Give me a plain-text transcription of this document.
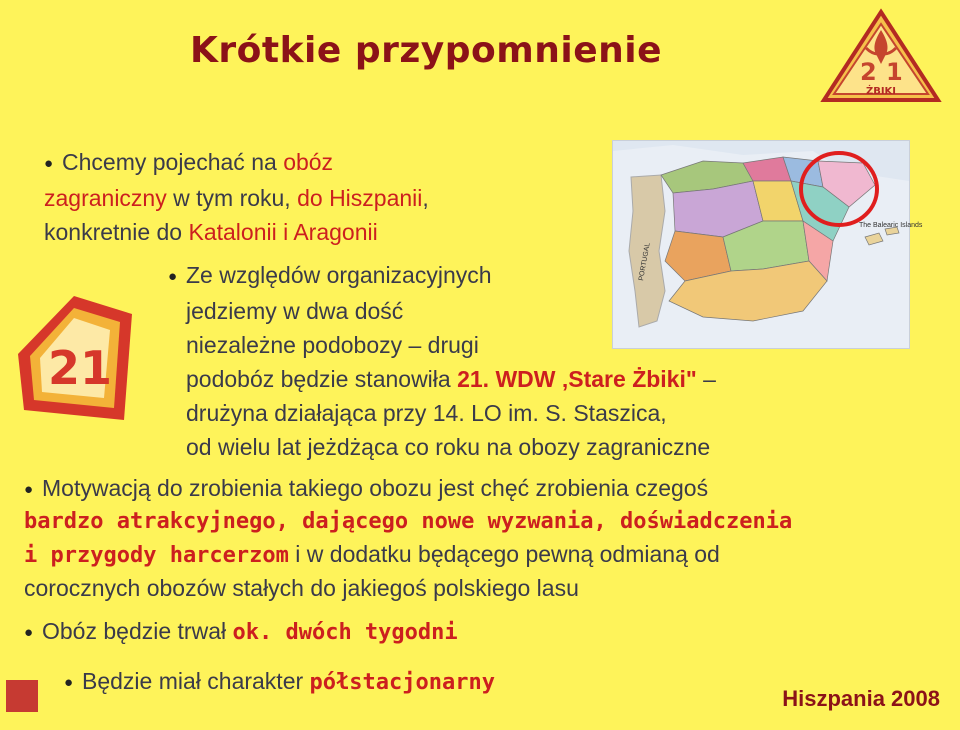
Krótkie przypomnienie
2 1
ŻBIKI
2 1
PORTUGAL
The Balearic Islands
● Chcemy pojechać na obóz
zagraniczny w tym roku, do Hiszpanii,
konkretnie do Katalonii i Aragonii
● Ze względów organizacyjnych
jedziemy w dwa dość
niezależne podobozy – drugi
podobóz będzie stanowiła 21. WDW ‚Stare Żbiki" –
drużyna działająca przy 14. LO im. S. Staszica,
od wielu lat jeżdżąca co roku na obozy zagraniczne
● Motywacją do zrobienia takiego obozu jest chęć zrobienia czegoś
bardzo atrakcyjnego, dającego nowe wyzwania, doświadczenia
i przygody harcerzom i w dodatku będącego pewną odmianą od
corocznych obozów stałych do jakiegoś polskiego lasu
● Obóz będzie trwał ok. dwóch tygodni
● Będzie miał charakter półstacjonarny
Hiszpania 2008
